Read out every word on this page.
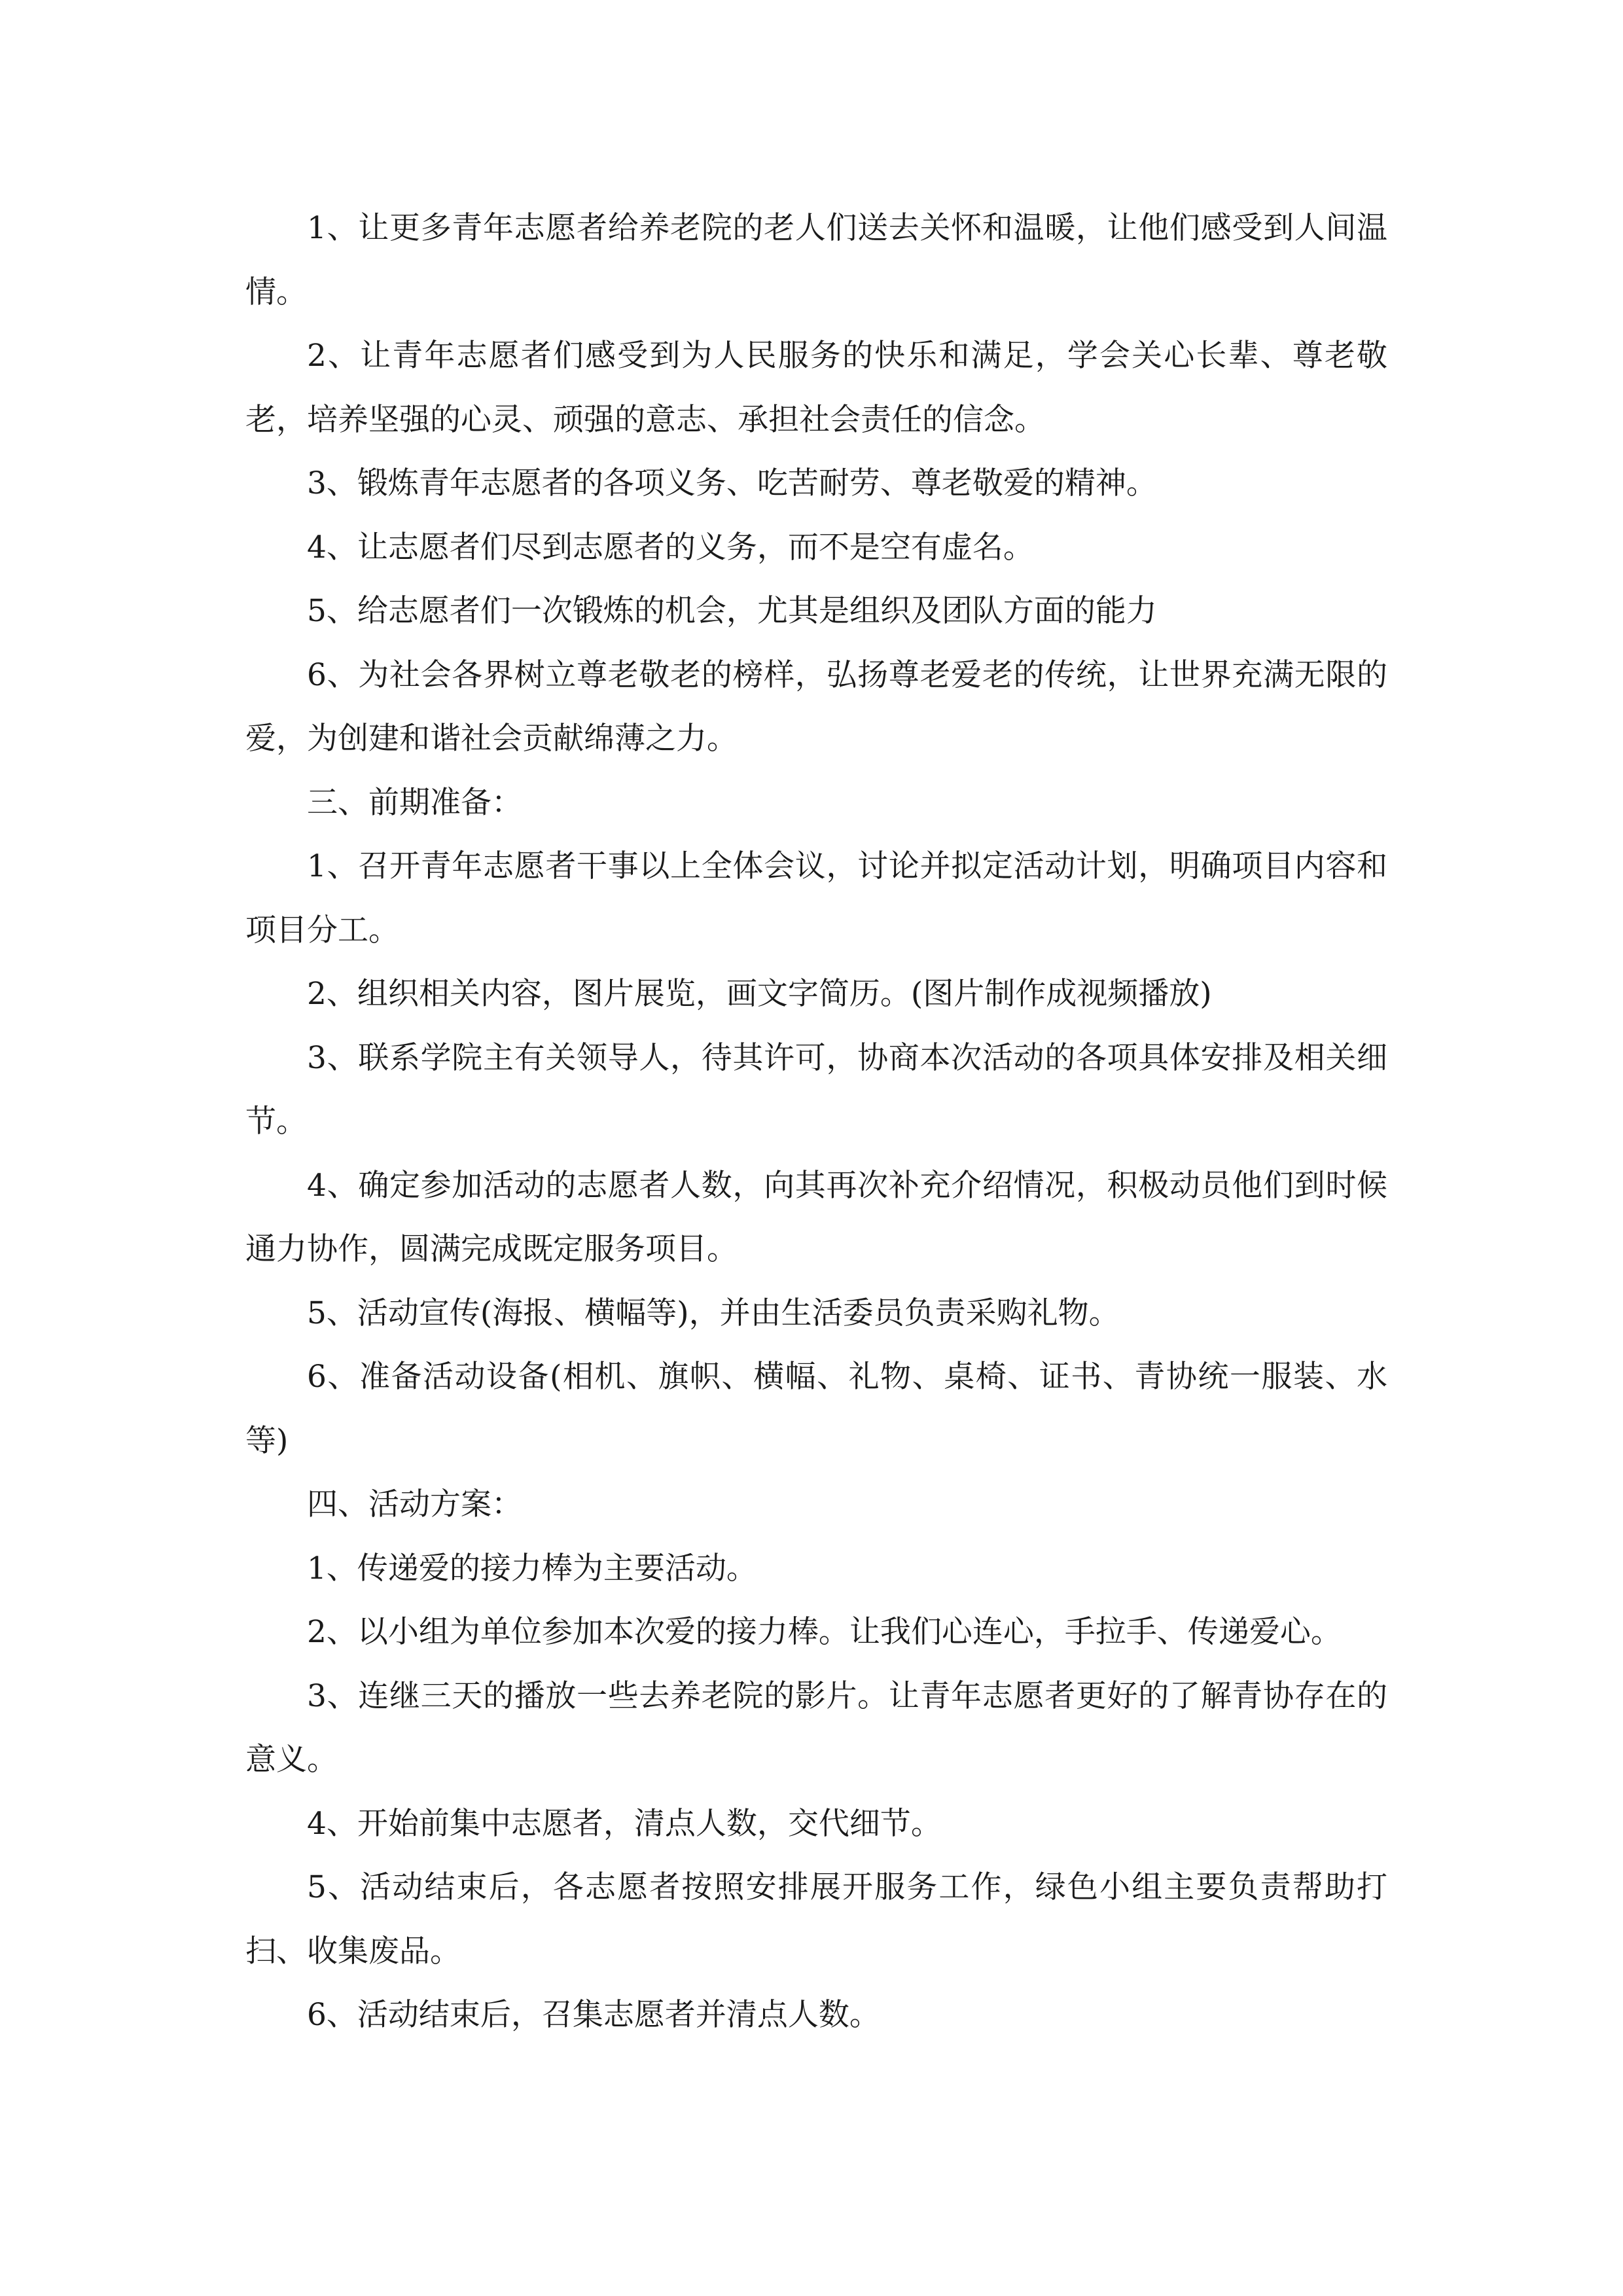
1、让更多青年志愿者给养老院的老人们送去关怀和温暖，让他们感受到人间温情。

2、让青年志愿者们感受到为人民服务的快乐和满足，学会关心长辈、尊老敬老，培养坚强的心灵、顽强的意志、承担社会责任的信念。

3、锻炼青年志愿者的各项义务、吃苦耐劳、尊老敬爱的精神。

4、让志愿者们尽到志愿者的义务，而不是空有虚名。

5、给志愿者们一次锻炼的机会，尤其是组织及团队方面的能力

6、为社会各界树立尊老敬老的榜样，弘扬尊老爱老的传统，让世界充满无限的爱，为创建和谐社会贡献绵薄之力。

三、前期准备：

1、召开青年志愿者干事以上全体会议，讨论并拟定活动计划，明确项目内容和项目分工。

2、组织相关内容，图片展览，画文字简历。(图片制作成视频播放)

3、联系学院主有关领导人，待其许可，协商本次活动的各项具体安排及相关细节。

4、确定参加活动的志愿者人数，向其再次补充介绍情况，积极动员他们到时候通力协作，圆满完成既定服务项目。

5、活动宣传(海报、横幅等)，并由生活委员负责采购礼物。

6、准备活动设备(相机、旗帜、横幅、礼物、桌椅、证书、青协统一服装、水等)

四、活动方案：

1、传递爱的接力棒为主要活动。

2、以小组为单位参加本次爱的接力棒。让我们心连心，手拉手、传递爱心。

3、连继三天的播放一些去养老院的影片。让青年志愿者更好的了解青协存在的意义。

4、开始前集中志愿者，清点人数，交代细节。

5、活动结束后，各志愿者按照安排展开服务工作，绿色小组主要负责帮助打扫、收集废品。

6、活动结束后，召集志愿者并清点人数。
